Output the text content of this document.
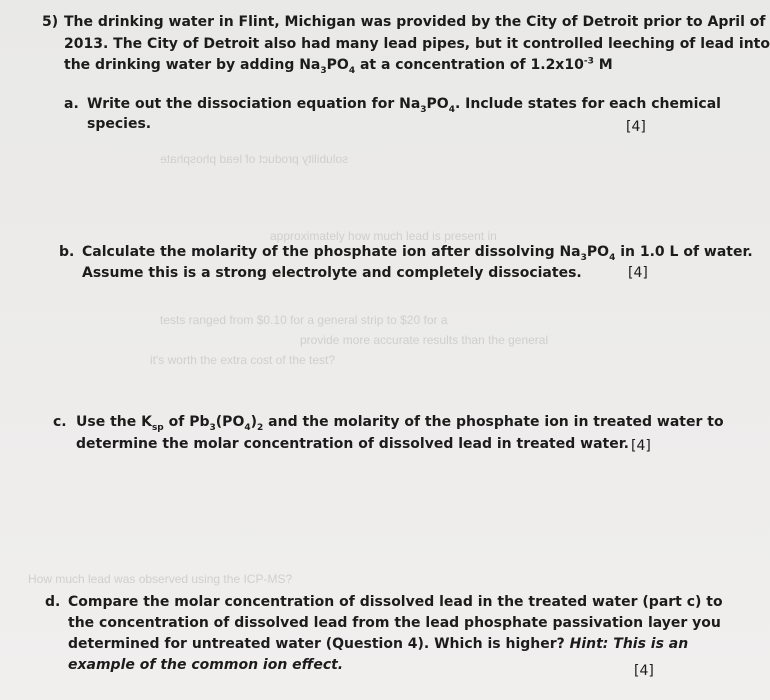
approximately how much lead is present in
tests ranged from $0.10 for a general strip to $20 for a
provide more accurate results than the general
it's worth the extra cost of the test?
How much lead was observed using the ICP-MS?
solubility product of lead phosphate
5) The drinking water in Flint, Michigan was provided by the City of Detroit prior to April of
2013. The City of Detroit also had many lead pipes, but it controlled leeching of lead into
the drinking water by adding $Na_3PO_4$ at a concentration of $1.2x10^{-3}$ M
a. Write out the dissociation equation for $Na_3PO_4$. Include states for each chemical
species.	[4]
b. Calculate the molarity of the phosphate ion after dissolving $Na_3PO_4$ in 1.0 L of water.
Assume this is a strong electrolyte and completely dissociates.	[4]
c. Use the $K_{sp}$ of $Pb_3(PO_4)_2$ and the molarity of the phosphate ion in treated water to
determine the molar concentration of dissolved lead in treated water. [4]
d. Compare the molar concentration of dissolved lead in the treated water (part c) to
the concentration of dissolved lead from the lead phosphate passivation layer you
determined for untreated water (Question 4). Which is higher? Hint: This is an
example of the common ion effect.	[4]
